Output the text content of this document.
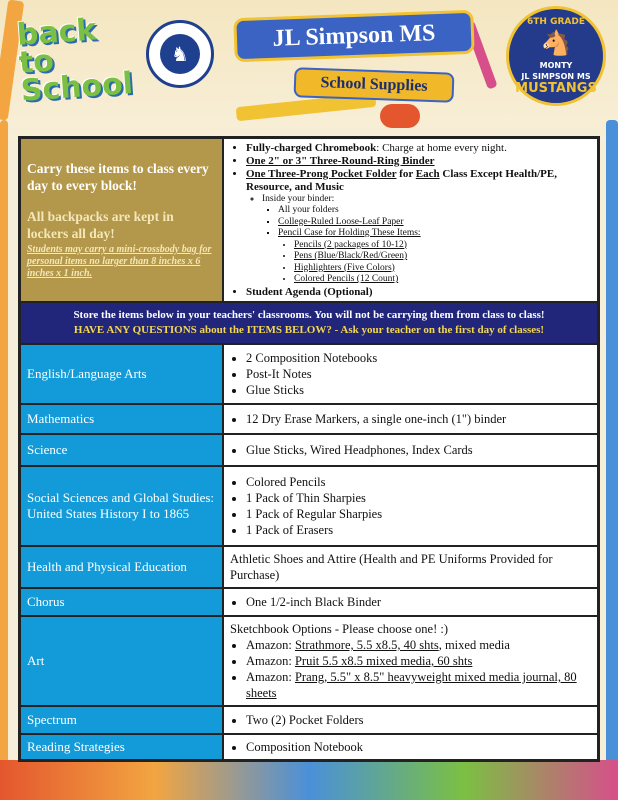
back to School
♞
JL Simpson MS
School Supplies
6TH GRADE
🐴
MONTY
JL SIMPSON MS
MUSTANGS
Carry these items to class every day to every block!
All backpacks are kept in lockers all day!
Students may carry a mini-crossbody bag for personal items no larger than 8 inches x 6 inches x 1 inch.
• Fully-charged Chromebook: Charge at home every night.
• One 2" or 3" Three-Round-Ring Binder
• One Three-Prong Pocket Folder for Each Class Except Health/PE, Resource, and Music
◦ Inside your binder:
▪ All your folders
▪ College-Ruled Loose-Leaf Paper
▪ Pencil Case for Holding These Items:
• Pencils (2 packages of 10-12)
• Pens (Blue/Black/Red/Green)
• Highlighters (Five Colors)
• Colored Pencils (12 Count)
• Student Agenda (Optional)
Store the items below in your teachers' classrooms. You will not be carrying them from class to class!
HAVE ANY QUESTIONS about the ITEMS BELOW? - Ask your teacher on the first day of classes!
English/Language Arts
• 2 Composition Notebooks
• Post-It Notes
• Glue Sticks
Mathematics	• 12 Dry Erase Markers, a single one-inch (1") binder
Science	• Glue Sticks, Wired Headphones, Index Cards
Social Sciences and Global Studies: United States History I to 1865
• Colored Pencils
• 1 Pack of Thin Sharpies
• 1 Pack of Regular Sharpies
• 1 Pack of Erasers
Health and Physical Education	Athletic Shoes and Attire (Health and PE Uniforms Provided for Purchase)
Chorus	• One 1/2-inch Black Binder
Art
Sketchbook Options - Please choose one! :)
• Amazon: Strathmore, 5.5 x8.5, 40 shts, mixed media
• Amazon: Pruit 5.5 x8.5 mixed media, 60 shts
• Amazon: Prang, 5.5" x 8.5" heavyweight mixed media journal, 80 sheets
Spectrum	• Two (2) Pocket Folders
Reading Strategies	• Composition Notebook
